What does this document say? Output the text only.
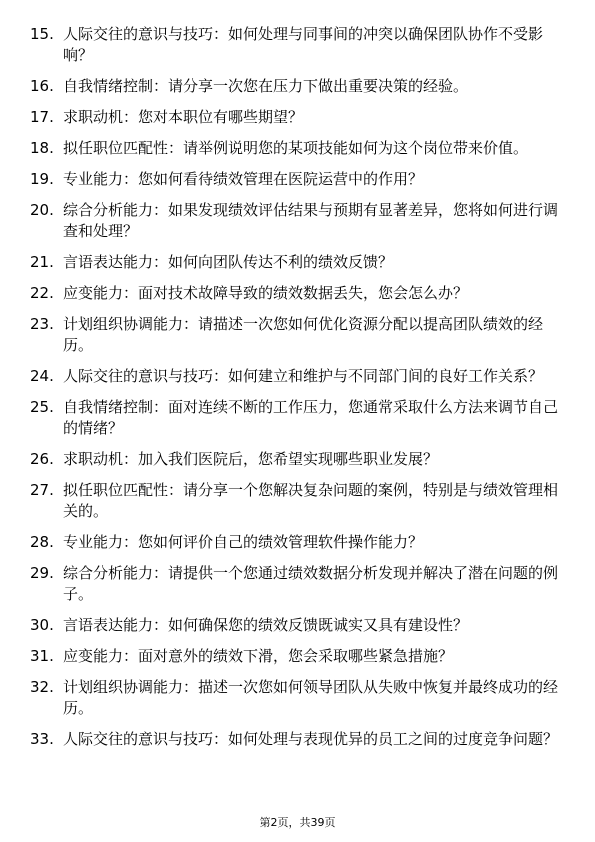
15. 人际交往的意识与技巧：如何处理与同事间的冲突以确保团队协作不受影响？
16. 自我情绪控制：请分享一次您在压力下做出重要决策的经验。
17. 求职动机：您对本职位有哪些期望？
18. 拟任职位匹配性：请举例说明您的某项技能如何为这个岗位带来价值。
19. 专业能力：您如何看待绩效管理在医院运营中的作用？
20. 综合分析能力：如果发现绩效评估结果与预期有显著差异，您将如何进行调查和处理？
21. 言语表达能力：如何向团队传达不利的绩效反馈？
22. 应变能力：面对技术故障导致的绩效数据丢失，您会怎么办？
23. 计划组织协调能力：请描述一次您如何优化资源分配以提高团队绩效的经历。
24. 人际交往的意识与技巧：如何建立和维护与不同部门间的良好工作关系？
25. 自我情绪控制：面对连续不断的工作压力，您通常采取什么方法来调节自己的情绪？
26. 求职动机：加入我们医院后，您希望实现哪些职业发展？
27. 拟任职位匹配性：请分享一个您解决复杂问题的案例，特别是与绩效管理相关的。
28. 专业能力：您如何评价自己的绩效管理软件操作能力？
29. 综合分析能力：请提供一个您通过绩效数据分析发现并解决了潜在问题的例子。
30. 言语表达能力：如何确保您的绩效反馈既诚实又具有建设性？
31. 应变能力：面对意外的绩效下滑，您会采取哪些紧急措施？
32. 计划组织协调能力：描述一次您如何领导团队从失败中恢复并最终成功的经历。
33. 人际交往的意识与技巧：如何处理与表现优异的员工之间的过度竞争问题？
第2页，共39页
